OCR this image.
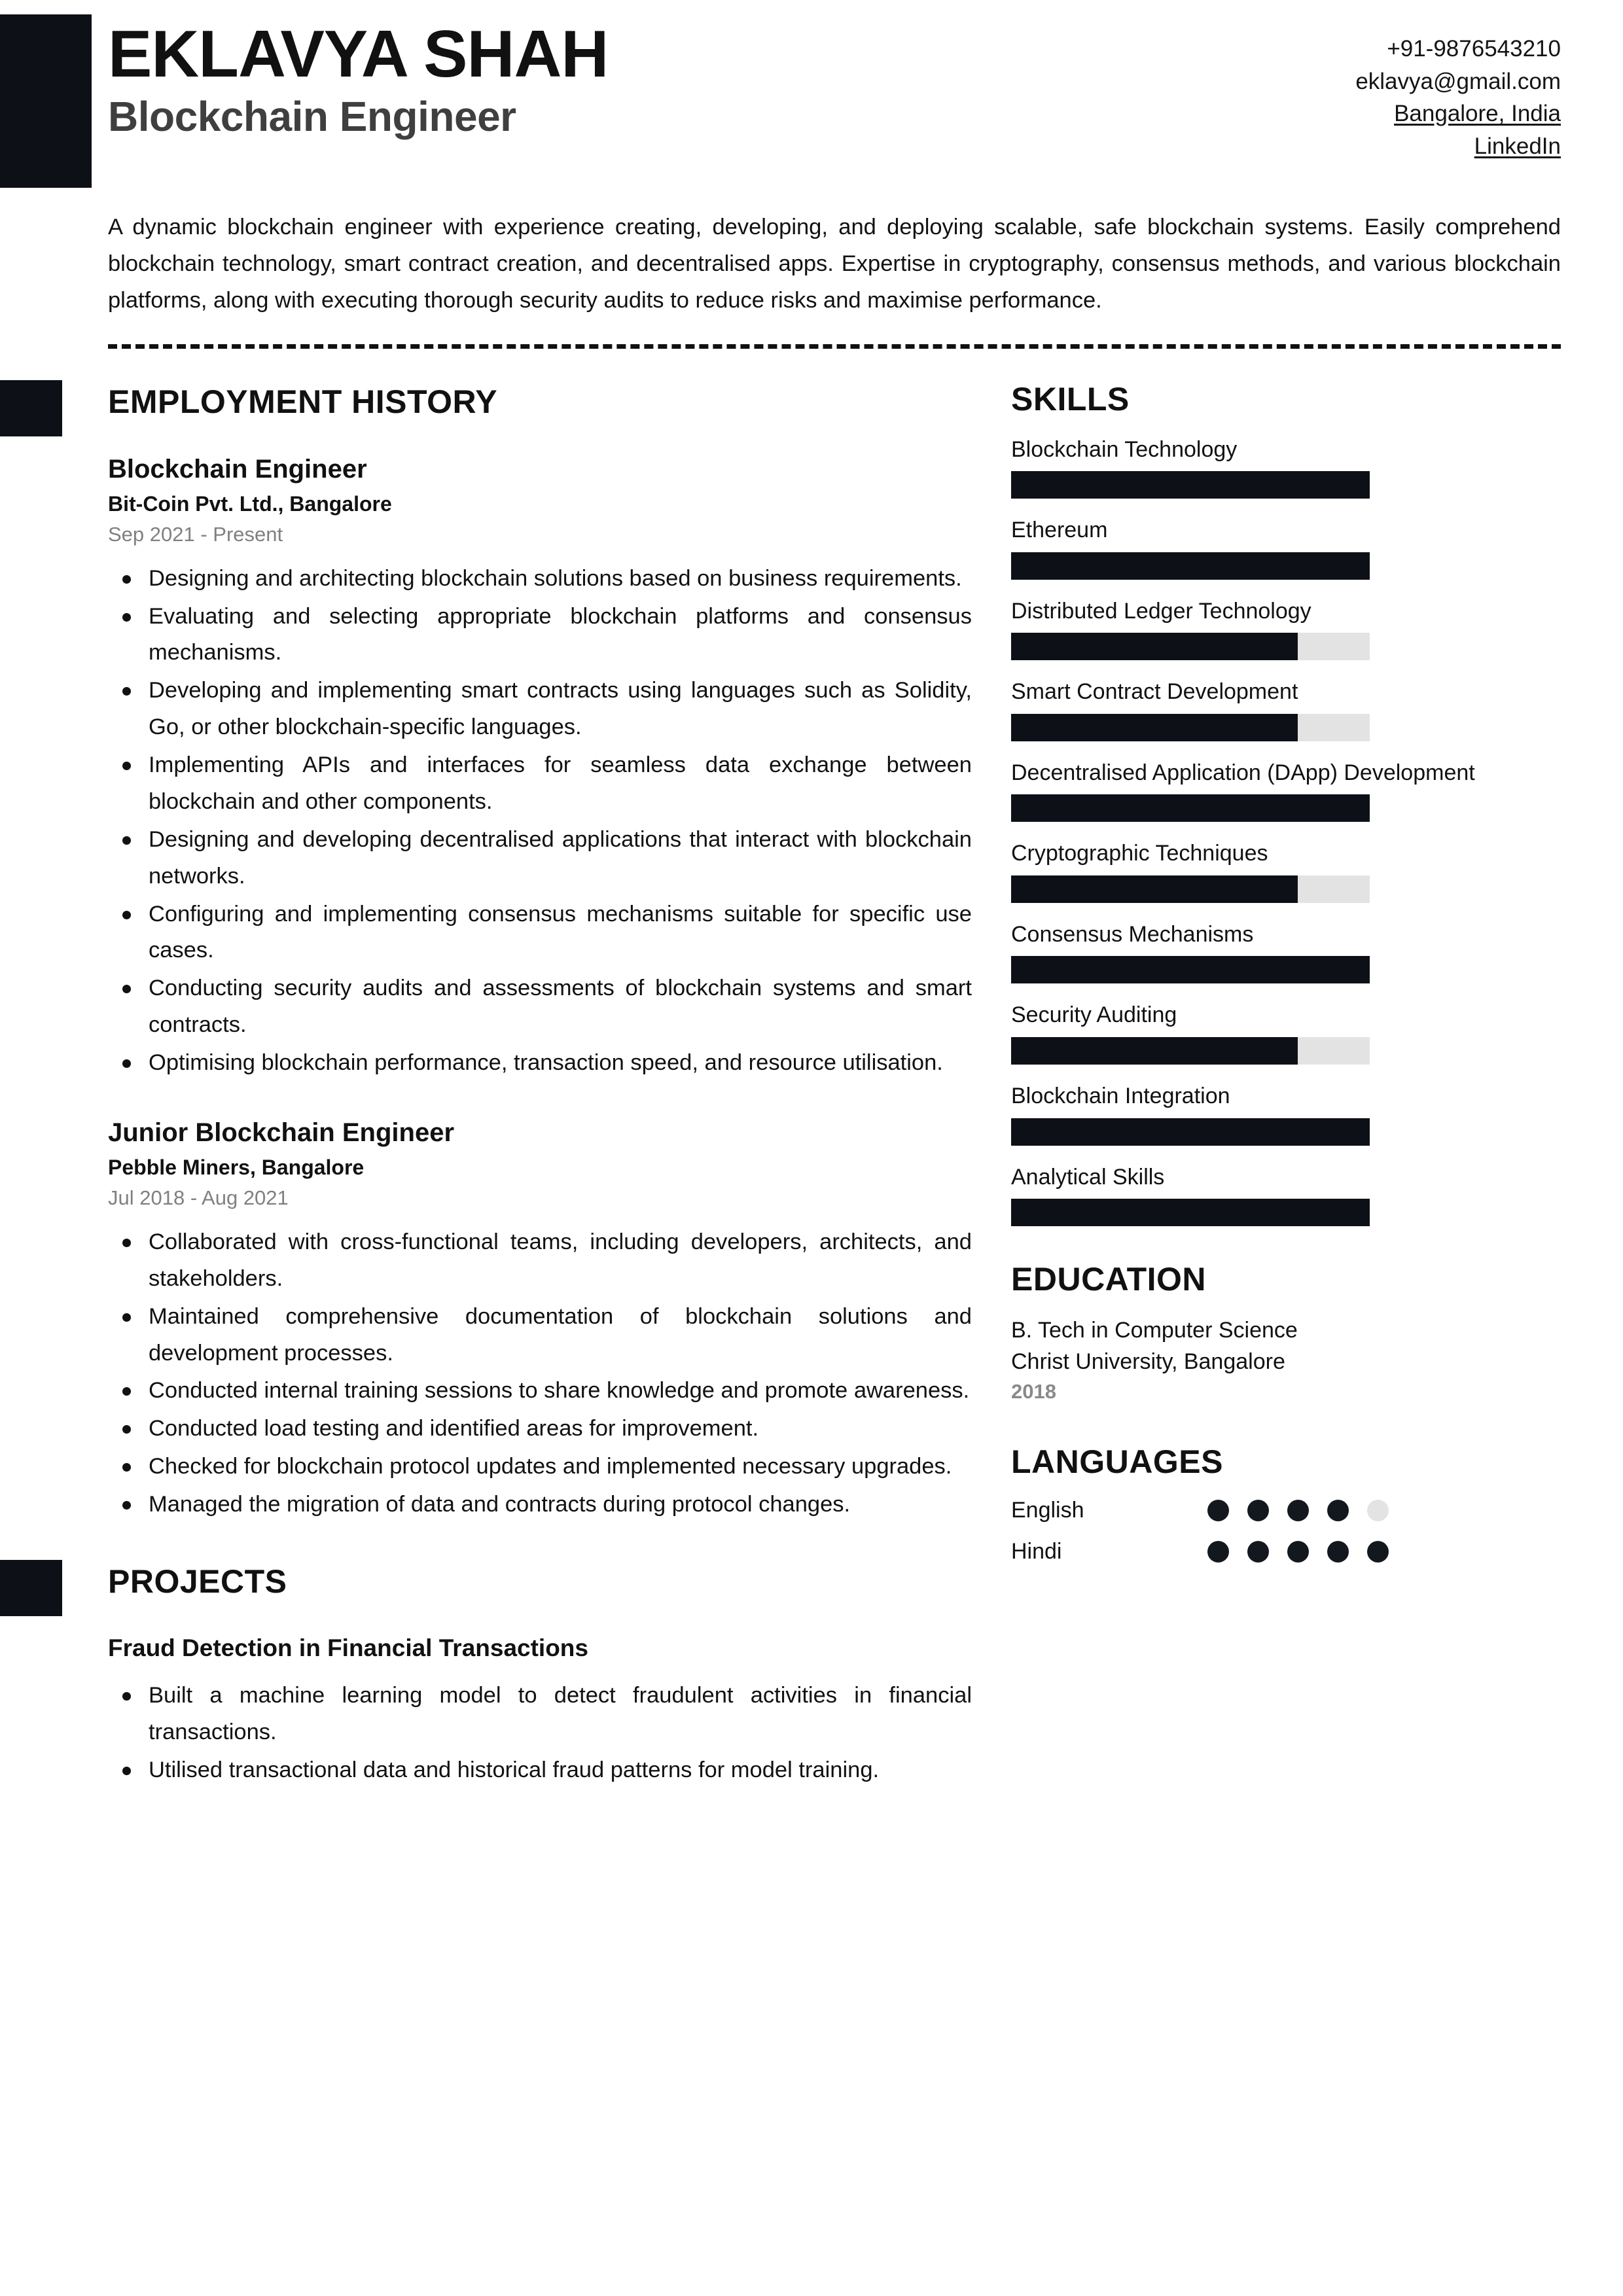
EKLAVYA SHAH
Blockchain Engineer
+91-9876543210
eklavya@gmail.com
Bangalore, India
LinkedIn
A dynamic blockchain engineer with experience creating, developing, and deploying scalable, safe blockchain systems. Easily comprehend blockchain technology, smart contract creation, and decentralised apps. Expertise in cryptography, consensus methods, and various blockchain platforms, along with executing thorough security audits to reduce risks and maximise performance.
EMPLOYMENT HISTORY
Blockchain Engineer
Bit-Coin Pvt. Ltd., Bangalore
Sep 2021 - Present
Designing and architecting blockchain solutions based on business requirements.
Evaluating and selecting appropriate blockchain platforms and consensus mechanisms.
Developing and implementing smart contracts using languages such as Solidity, Go, or other blockchain-specific languages.
Implementing APIs and interfaces for seamless data exchange between blockchain and other components.
Designing and developing decentralised applications that interact with blockchain networks.
Configuring and implementing consensus mechanisms suitable for specific use cases.
Conducting security audits and assessments of blockchain systems and smart contracts.
Optimising blockchain performance, transaction speed, and resource utilisation.
Junior Blockchain Engineer
Pebble Miners, Bangalore
Jul 2018 - Aug 2021
Collaborated with cross-functional teams, including developers, architects, and stakeholders.
Maintained comprehensive documentation of blockchain solutions and development processes.
Conducted internal training sessions to share knowledge and promote awareness.
Conducted load testing and identified areas for improvement.
Checked for blockchain protocol updates and implemented necessary upgrades.
Managed the migration of data and contracts during protocol changes.
PROJECTS
Fraud Detection in Financial Transactions
Built a machine learning model to detect fraudulent activities in financial transactions.
Utilised transactional data and historical fraud patterns for model training.
SKILLS
Blockchain Technology
Ethereum
Distributed Ledger Technology
Smart Contract Development
Decentralised Application (DApp) Development
Cryptographic Techniques
Consensus Mechanisms
Security Auditing
Blockchain Integration
Analytical Skills
EDUCATION
B. Tech in Computer Science
Christ University, Bangalore
2018
LANGUAGES
English
Hindi
